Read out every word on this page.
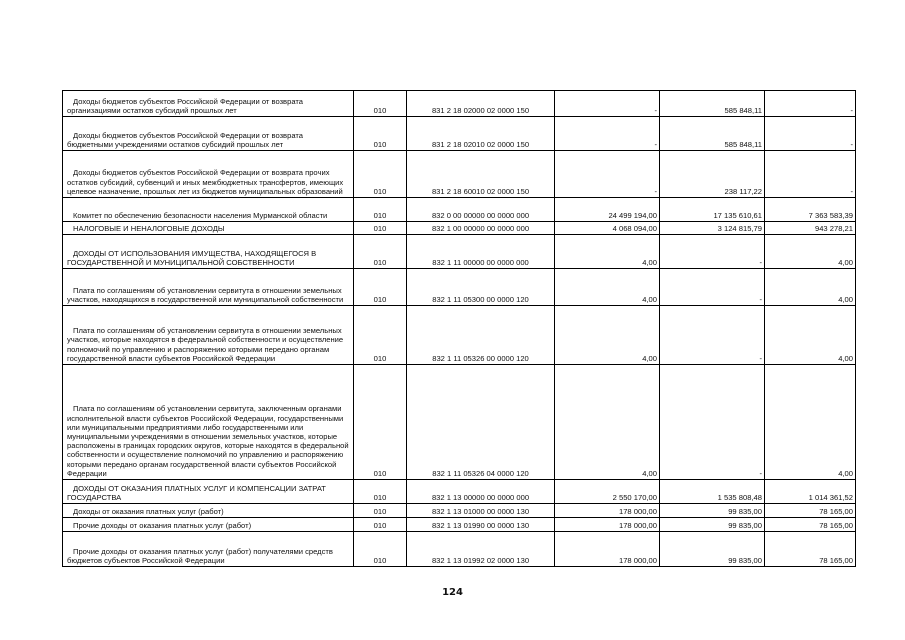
Доходы бюджетов субъектов Российской Федерации от возврата организациями остатков субсидий прошлых лет	010	831 2 18 02000 02 0000 150	-	585 848,11	-

Доходы бюджетов субъектов Российской Федерации от возврата бюджетными учреждениями остатков субсидий прошлых лет	010	831 2 18 02010 02 0000 150	-	585 848,11	-

Доходы бюджетов субъектов Российской Федерации от возврата прочих остатков субсидий, субвенций и иных межбюджетных трансфертов, имеющих целевое назначение, прошлых лет из бюджетов муниципальных образований	010	831 2 18 60010 02 0000 150	-	238 117,22	-

Комитет по обеспечению безопасности населения Мурманской области	010	832 0 00 00000 00 0000 000	24 499 194,00	17 135 610,61	7 363 583,39

НАЛОГОВЫЕ И НЕНАЛОГОВЫЕ ДОХОДЫ	010	832 1 00 00000 00 0000 000	4 068 094,00	3 124 815,79	943 278,21

ДОХОДЫ ОТ ИСПОЛЬЗОВАНИЯ ИМУЩЕСТВА, НАХОДЯЩЕГОСЯ В ГОСУДАРСТВЕННОЙ И МУНИЦИПАЛЬНОЙ СОБСТВЕННОСТИ	010	832 1 11 00000 00 0000 000	4,00	-	4,00

Плата по соглашениям об установлении сервитута в отношении земельных участков, находящихся в государственной или муниципальной собственности	010	832 1 11 05300 00 0000 120	4,00	-	4,00

Плата по соглашениям об установлении сервитута в отношении земельных участков, которые находятся в федеральной собственности и осуществление полномочий по управлению и распоряжению которыми передано органам государственной власти субъектов Российской Федерации	010	832 1 11 05326 00 0000 120	4,00	-	4,00

Плата по соглашениям об установлении сервитута, заключенным органами исполнительной власти субъектов Российской Федерации, государственными или муниципальными предприятиями либо государственными или муниципальными учреждениями в отношении земельных участков, которые расположены в границах городских округов, которые находятся в федеральной собственности и осуществление полномочий по управлению и распоряжению которыми передано органам государственной власти субъектов Российской Федерации	010	832 1 11 05326 04 0000 120	4,00	-	4,00

ДОХОДЫ ОТ ОКАЗАНИЯ ПЛАТНЫХ УСЛУГ И КОМПЕНСАЦИИ ЗАТРАТ ГОСУДАРСТВА	010	832 1 13 00000 00 0000 000	2 550 170,00	1 535 808,48	1 014 361,52

Доходы от оказания платных услуг (работ)	010	832 1 13 01000 00 0000 130	178 000,00	99 835,00	78 165,00

Прочие доходы от оказания платных услуг (работ)	010	832 1 13 01990 00 0000 130	178 000,00	99 835,00	78 165,00

Прочие доходы от оказания платных услуг (работ) получателями средств бюджетов субъектов Российской Федерации	010	832 1 13 01992 02 0000 130	178 000,00	99 835,00	78 165,00
124
